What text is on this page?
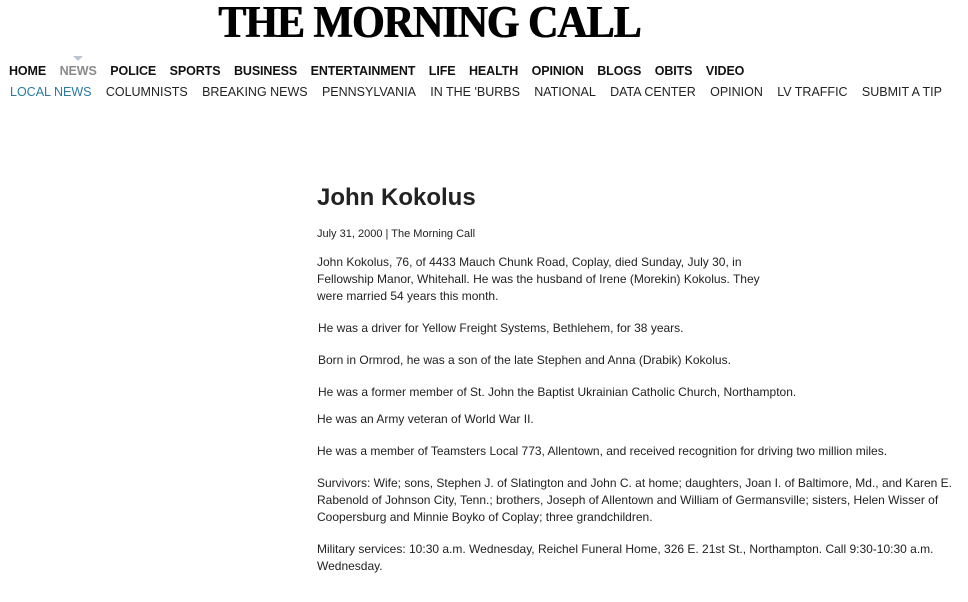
THE MORNING CALL
HOME NEWS POLICE SPORTS BUSINESS ENTERTAINMENT LIFE HEALTH OPINION BLOGS OBITS VIDEO
LOCAL NEWS COLUMNISTS BREAKING NEWS PENNSYLVANIA IN THE 'BURBS NATIONAL DATA CENTER OPINION LV TRAFFIC SUBMIT A TIP
John Kokolus
July 31, 2000 | The Morning Call

John Kokolus, 76, of 4433 Mauch Chunk Road, Coplay, died Sunday, July 30, in
Fellowship Manor, Whitehall. He was the husband of Irene (Morekin) Kokolus. They
were married 54 years this month.

He was a driver for Yellow Freight Systems, Bethlehem, for 38 years.

Born in Ormrod, he was a son of the late Stephen and Anna (Drabik) Kokolus.

He was a former member of St. John the Baptist Ukrainian Catholic Church, Northampton.

He was an Army veteran of World War II.

He was a member of Teamsters Local 773, Allentown, and received recognition for driving two million miles.

Survivors: Wife; sons, Stephen J. of Slatington and John C. at home; daughters, Joan I. of Baltimore, Md., and Karen E.
Rabenold of Johnson City, Tenn.; brothers, Joseph of Allentown and William of Germansville; sisters, Helen Wisser of
Coopersburg and Minnie Boyko of Coplay; three grandchildren.

Military services: 10:30 a.m. Wednesday, Reichel Funeral Home, 326 E. 21st St., Northampton. Call 9:30-10:30 a.m.
Wednesday.
